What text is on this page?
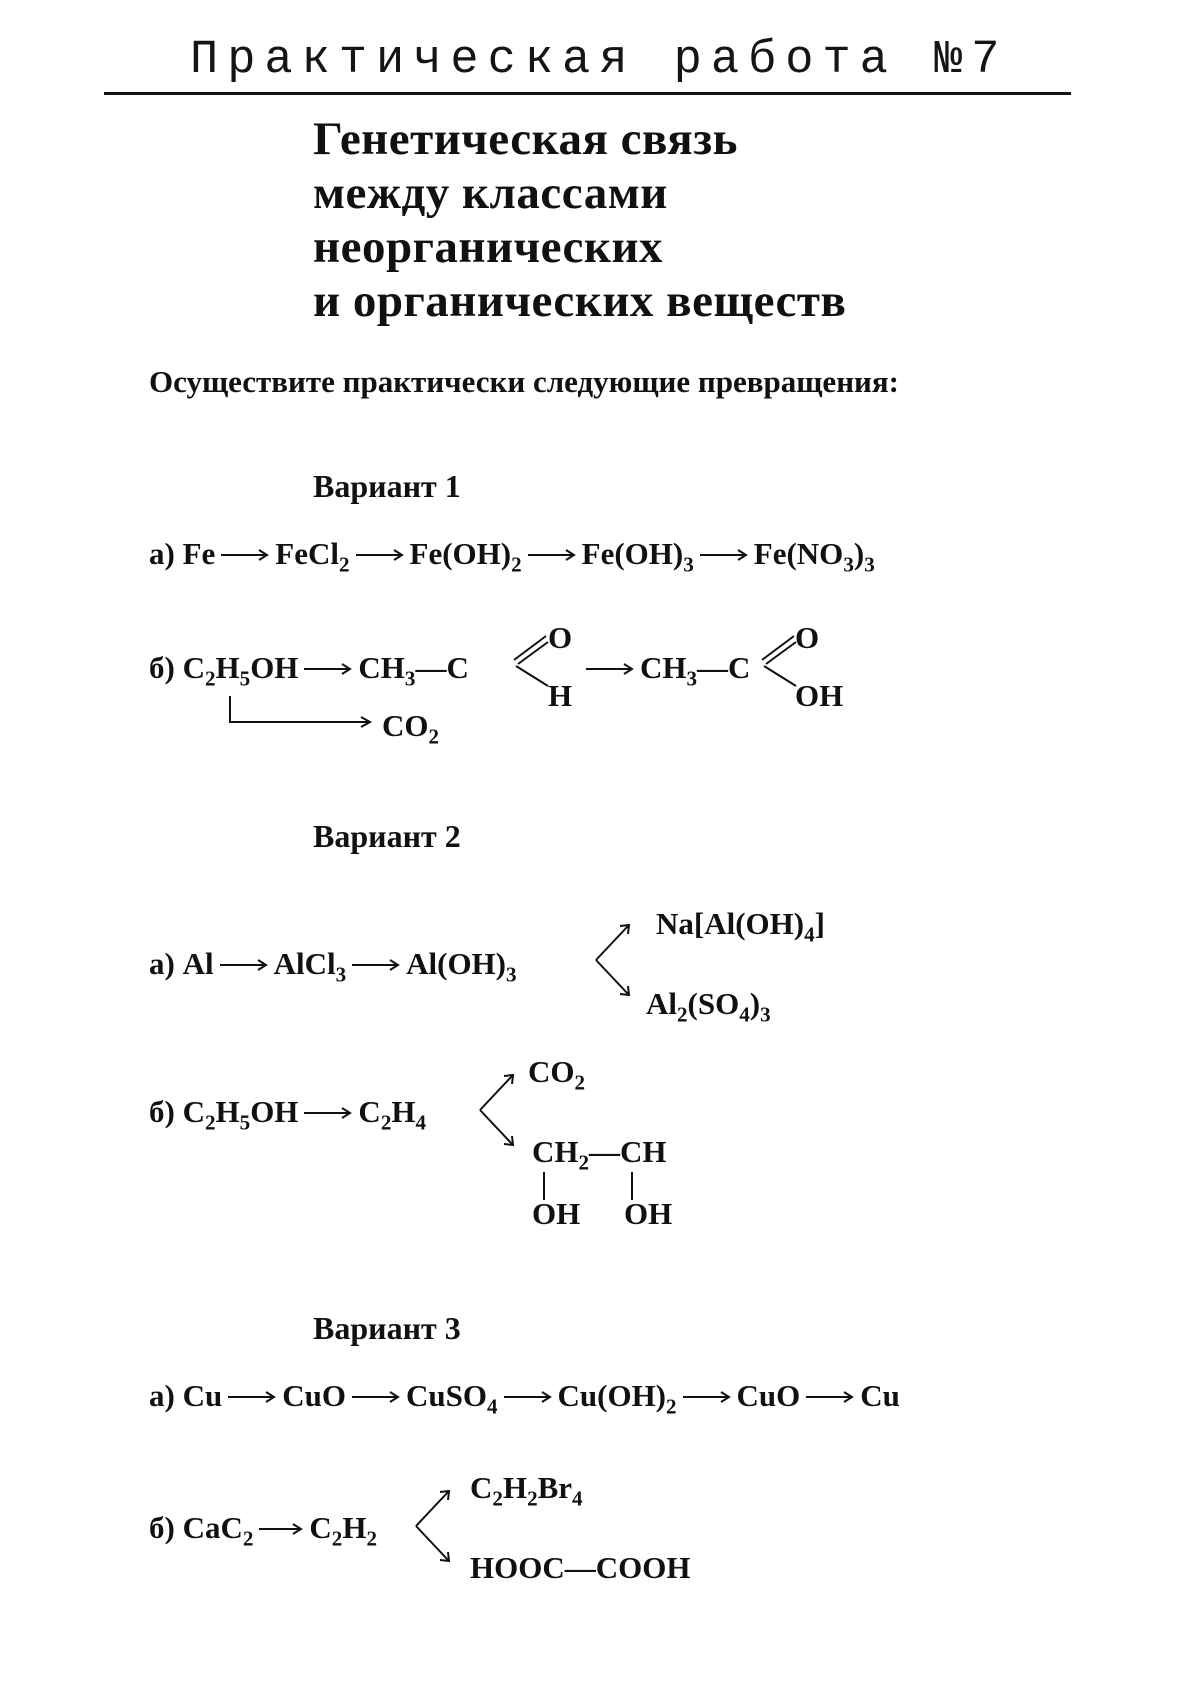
Практическая работа №7
Генетическая связь
между классами
неорганических
и органических веществ
Осуществите практически следующие превращения:
Вариант 1
а) Fe FeCl$_2$ $Fe(OH)_2$ $Fe(OH)_3$ $Fe(NO_3)_3$
б) $C_2H_5OH$ $CH_3—C$
O
H
$CH_3—C$
O
OH
$CO_2$
Вариант 2
а) Al AlCl$_3$ $Al(OH)_3$
$Na[Al(OH)_4]$
$Al_2(SO_4)_3$
б) $C_2H_5OH$ $C_2H_4$
$CO_2$
$CH_2—CH$
OH OH
Вариант 3
а) Cu CuO CuSO$_4$ $Cu(OH)_2$ CuO Cu
б) CaC$_2$ $C_2H_2$
$C_2H_2Br_4$
HOOC—COOH
